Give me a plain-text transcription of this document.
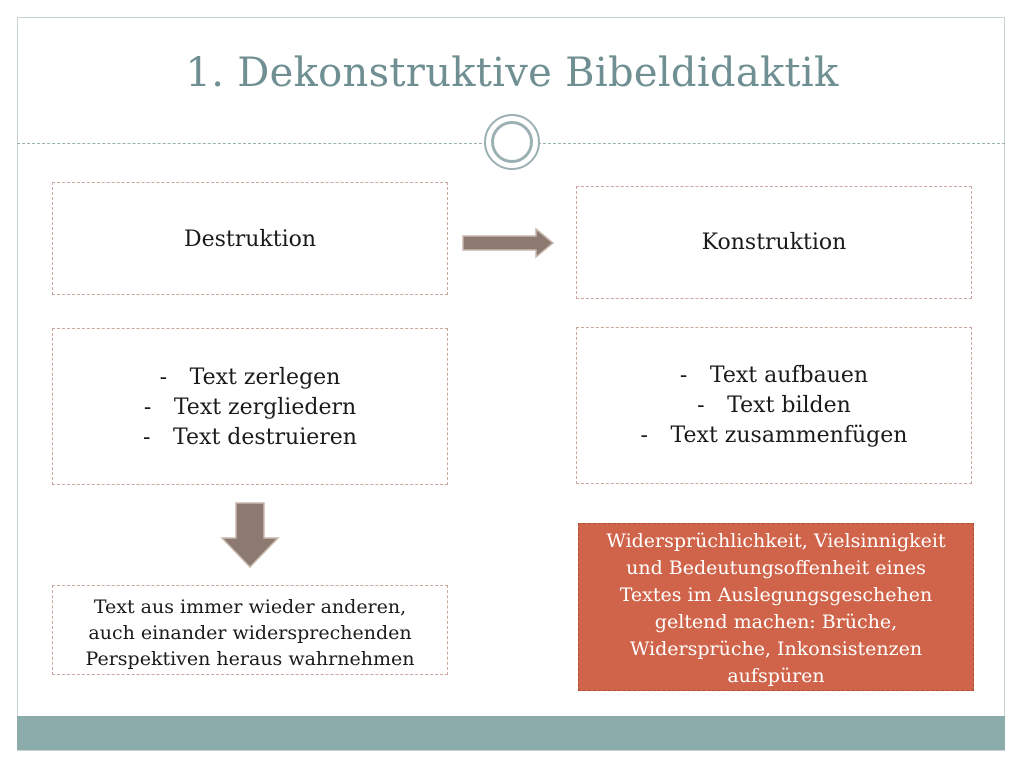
1. Dekonstruktive Bibeldidaktik
Destruktion	Konstruktion
- Text zerlegen
- Text zergliedern
- Text destruieren
- Text aufbauen
- Text bilden
- Text zusammenfügen
Text aus immer wieder anderen,
auch einander widersprechenden
Perspektiven heraus wahrnehmen
Widersprüchlichkeit, Vielsinnigkeit
und Bedeutungsoffenheit eines
Textes im Auslegungsgeschehen
geltend machen: Brüche,
Widersprüche, Inkonsistenzen
aufspüren
